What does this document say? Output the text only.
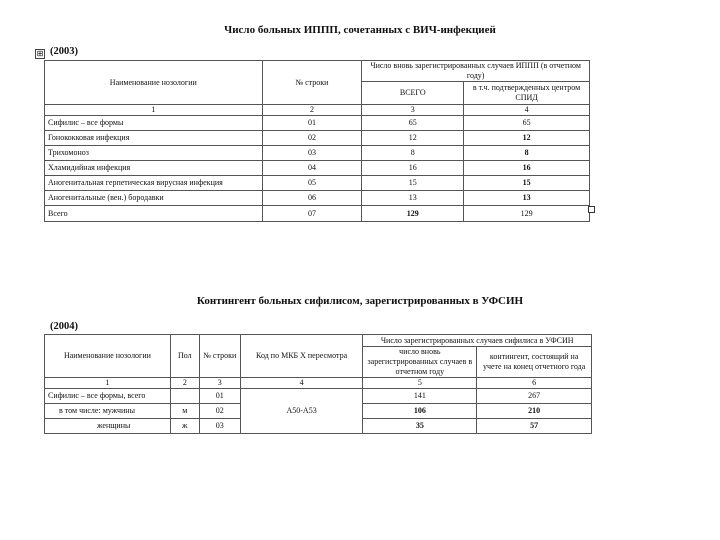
Число больных ИППП, сочетанных с ВИЧ-инфекцией
⊞ (2003)
Наименование нозологии	№ строки	Число вновь зарегистрированных случаев ИППП (в отчетном году)	
		ВСЕГО	в т.ч. подтвержденных центром СПИД
1	2	3	4
Сифилис – все формы	01	65	65
Гонококковая инфекция	02	12	12
Трихомоноз	03	8	8
Хламидийная инфекция	04	16	16
Аногенитальная герпетическая вирусная инфекция	05	15	15
Аногенитальные (вен.) бородавки	06	13	13
Всего	07	129	129
Контингент больных сифилисом, зарегистрированных в УФСИН
(2004)
Наименование нозологии	Пол	№ строки	Код по МКБ Х пересмотра	Число зарегистрированных случаев сифилиса в УФСИН	
				число вновь зарегистрированных случаев в отчетном году	контингент, состоящий на учете на конец отчетного года
1	2	3	4	5	6
Сифилис – все формы, всего		01	А50-А53	141	267
в том числе: мужчины	м	02		106	210
женщины	ж	03		35	57
